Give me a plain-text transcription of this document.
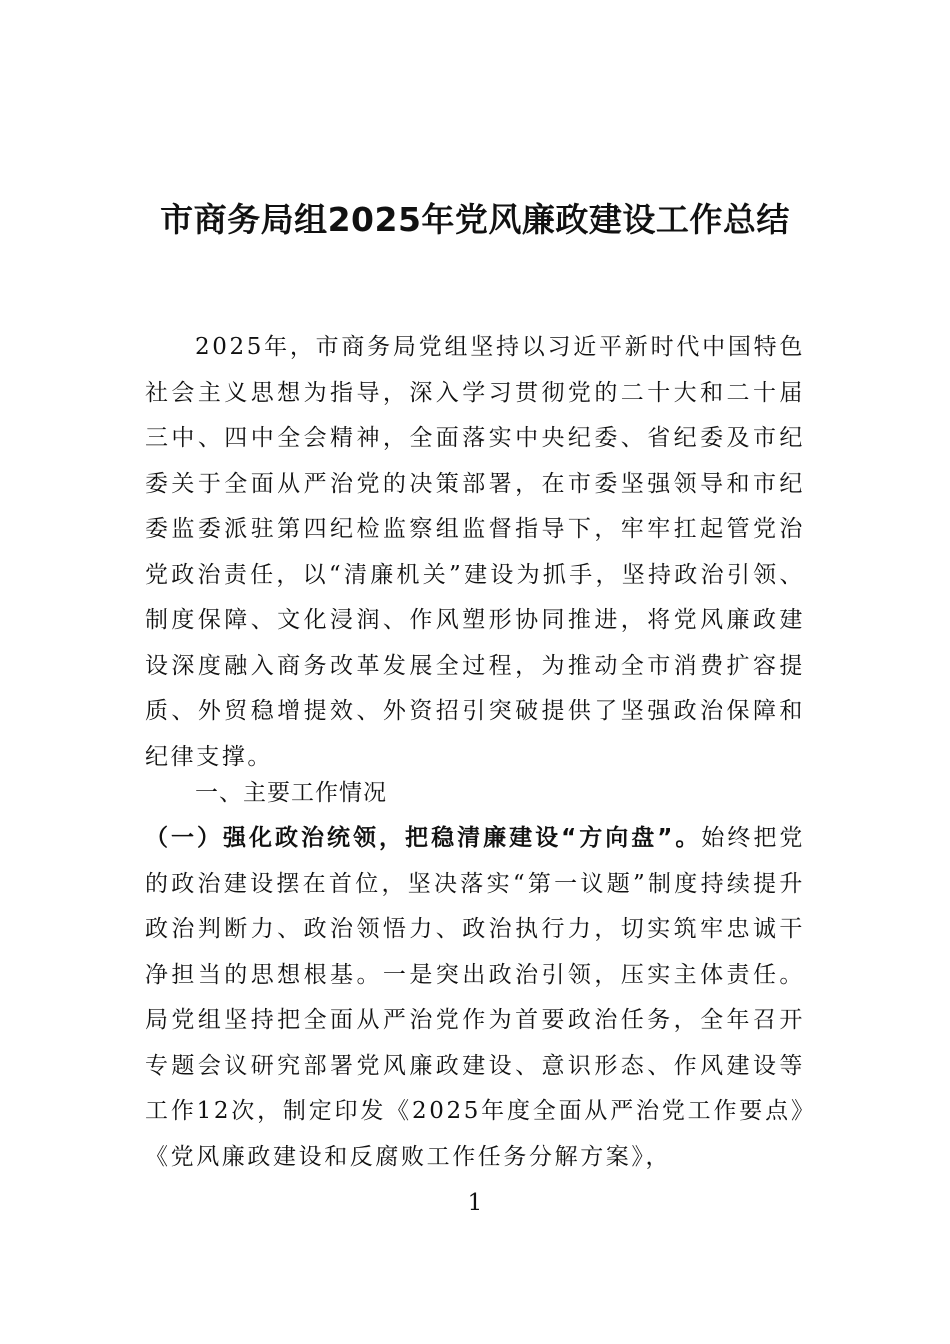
市商务局组2025年党风廉政建设工作总结
2025年，市商务局党组坚持以习近平新时代中国特色社会主义思想为指导，深入学习贯彻党的二十大和二十届三中、四中全会精神，全面落实中央纪委、省纪委及市纪委关于全面从严治党的决策部署，在市委坚强领导和市纪委监委派驻第四纪检监察组监督指导下，牢牢扛起管党治党政治责任，以“清廉机关”建设为抓手，坚持政治引领、制度保障、文化浸润、作风塑形协同推进，将党风廉政建设深度融入商务改革发展全过程，为推动全市消费扩容提质、外贸稳增提效、外资招引突破提供了坚强政治保障和纪律支撑。
一、主要工作情况
（一）强化政治统领，把稳清廉建设“方向盘”。始终把党的政治建设摆在首位，坚决落实“第一议题”制度持续提升政治判断力、政治领悟力、政治执行力，切实筑牢忠诚干净担当的思想根基。一是突出政治引领，压实主体责任。局党组坚持把全面从严治党作为首要政治任务，全年召开专题会议研究部署党风廉政建设、意识形态、作风建设等工作12次，制定印发《2025年度全面从严治党工作要点》《党风廉政建设和反腐败工作任务分解方案》，
1
